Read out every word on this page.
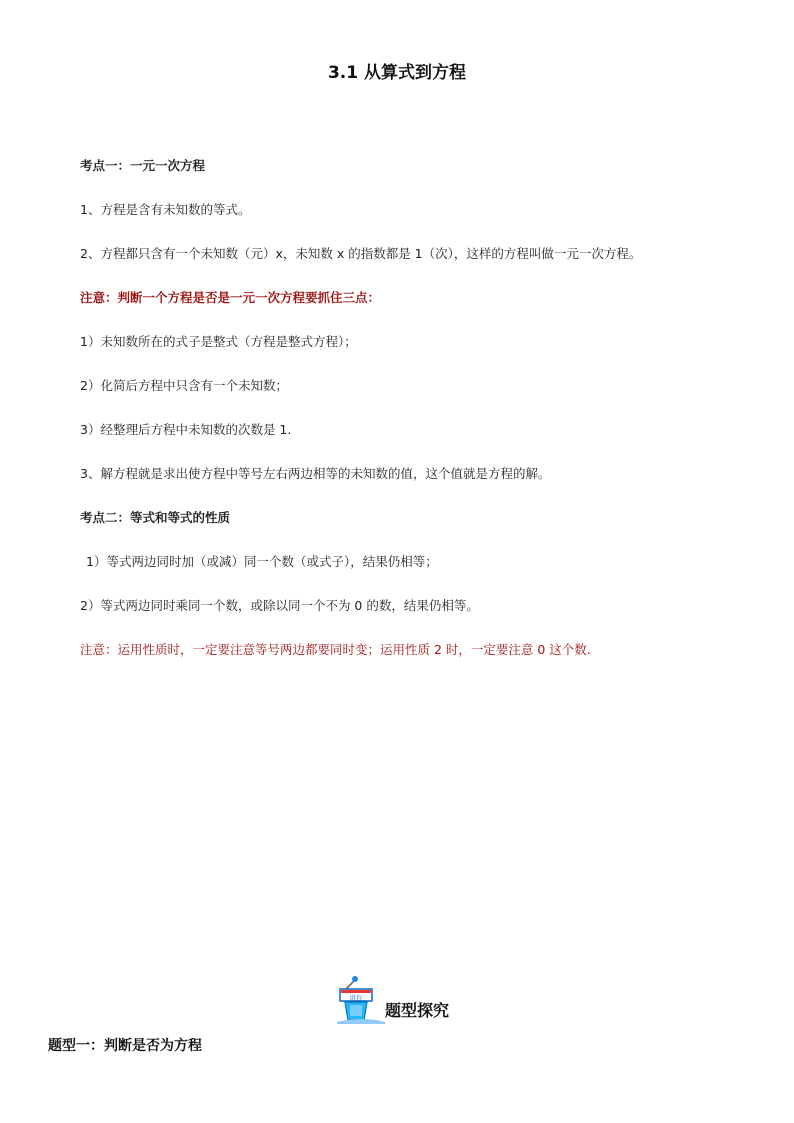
3.1 从算式到方程
考点一：一元一次方程
1、方程是含有未知数的等式。
2、方程都只含有一个未知数（元）x，未知数 x 的指数都是 1（次），这样的方程叫做一元一次方程。
注意：判断一个方程是否是一元一次方程要抓住三点：
1）未知数所在的式子是整式（方程是整式方程）；
2）化简后方程中只含有一个未知数；
3）经整理后方程中未知数的次数是 1.
3、解方程就是求出使方程中等号左右两边相等的未知数的值，这个值就是方程的解。
考点二：等式和等式的性质
1）等式两边同时加（或减）同一个数（或式子），结果仍相等；
2）等式两边同时乘同一个数，或除以同一个不为 0 的数，结果仍相等。
注意：运用性质时，一定要注意等号两边都要同时变；运用性质 2 时，一定要注意 0 这个数.
讲台
题型探究
题型一：判断是否为方程
